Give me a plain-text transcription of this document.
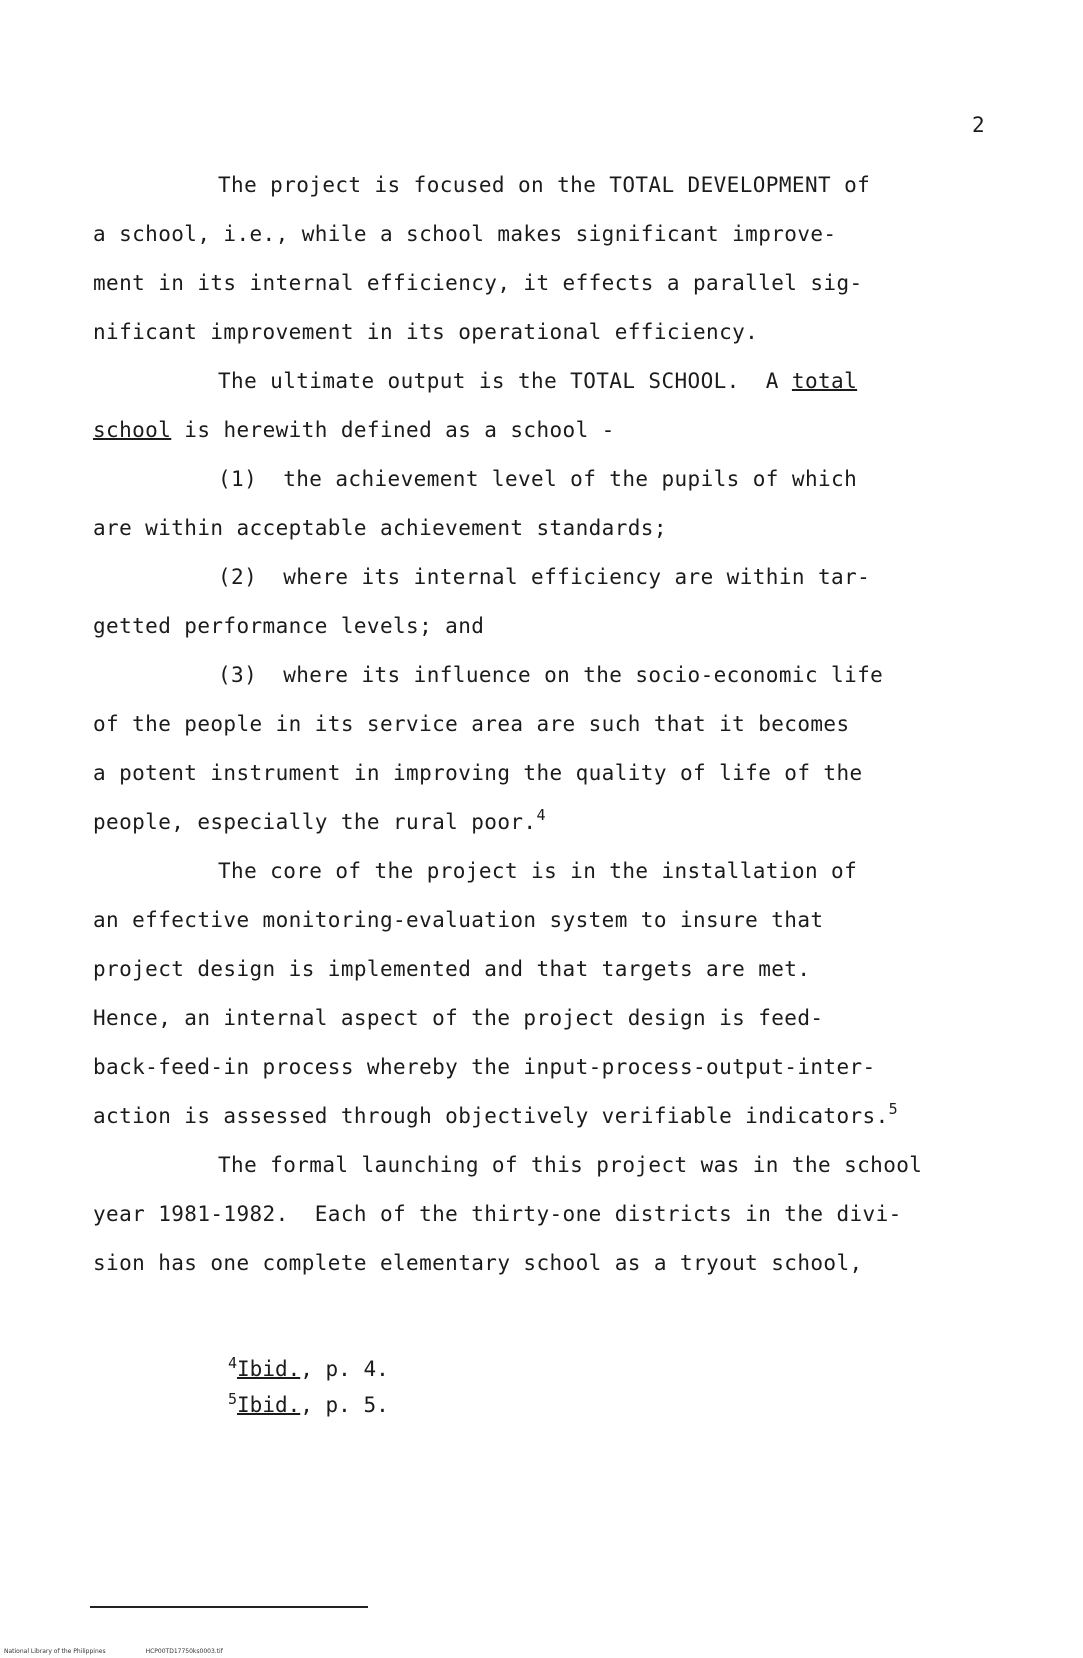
2
The project is focused on the TOTAL DEVELOPMENT of
a school, i.e., while a school makes significant improve-
ment in its internal efficiency, it effects a parallel sig-
nificant improvement in its operational efficiency.
The ultimate output is the TOTAL SCHOOL.  A total
school is herewith defined as a school -
(1)  the achievement level of the pupils of which
are within acceptable achievement standards;
(2)  where its internal efficiency are within tar-
getted performance levels; and
(3)  where its influence on the socio-economic life
of the people in its service area are such that it becomes
a potent instrument in improving the quality of life of the
people, especially the rural poor.$^4$
The core of the project is in the installation of
an effective monitoring-evaluation system to insure that
project design is implemented and that targets are met.
Hence, an internal aspect of the project design is feed-
back-feed-in process whereby the input-process-output-inter-
action is assessed through objectively verifiable indicators.$^5$
The formal launching of this project was in the school
year 1981-1982.  Each of the thirty-one districts in the divi-
sion has one complete elementary school as a tryout school,
$^4$Ibid., p. 4.
$^5$Ibid., p. 5.
National Library of the Philippines	HCP00TD17750ks0003.tif
